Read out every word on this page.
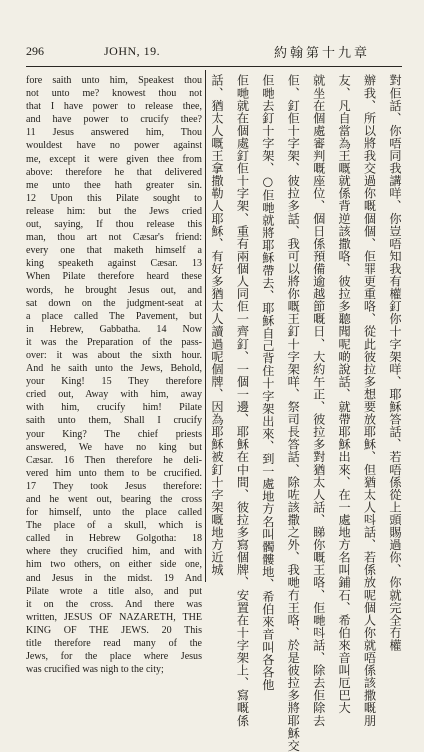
296	JOHN, 19.	約翰第十九章

fore saith unto him, Speakest thou

not unto me? knowest thou not

that I have power to release thee,

and have power to crucify thee?

11 Jesus answered him, Thou

wouldest have no power against

me, except it were given thee from

above: therefore he that delivered

me unto thee hath greater sin.

12 Upon this Pilate sought to

release him: but the Jews cried

out, saying, If thou release this

man, thou art not Cæsar's friend:

every one that maketh himself a

king speaketh against Cæsar. 13

When Pilate therefore heard these

words, he brought Jesus out, and

sat down on the judgment-seat at

a place called The Pavement, but

in Hebrew, Gabbatha. 14 Now

it was the Preparation of the pass-

over: it was about the sixth hour.

And he saith unto the Jews, Behold,

your King! 15 They therefore

cried out, Away with him, away

with him, crucify him! Pilate

saith unto them, Shall I crucify

your King? The chief priests

answered, We have no king but

Cæsar. 16 Then therefore he deli-

vered him unto them to be crucified.

17 They took Jesus therefore:

and he went out, bearing the cross

for himself, unto the place called

The place of a skull, which is

called in Hebrew Golgotha: 18

where they crucified him, and with

him two others, on either side one,

and Jesus in the midst. 19 And

Pilate wrote a title also, and put

it on the cross. And there was

written, JESUS OF NAZARETH, THE

KING OF THE JEWS. 20 This

title therefore read many of the

Jews, for the place where Jesus

was crucified was nigh to the city;

對佢話、你唔同我講咩、你豈唔知我有權釘你十字架咩、耶穌答話、若唔係從上頭賜過你、你就完全冇權
辦我、所以將我交過你嘅個個、佢罪更重咯、從此彼拉多想要放耶穌、但猶太人呌話、若係放呢個人你就唔係該撒嘅朋
友、凡自當為王嘅就係背逆該撒咯、彼拉多聽聞呢啲說話、就帶耶穌出來、在一處地方名叫鋪石、希伯來音叫厄巴大
就坐在個處審判嘅座位、個日係預備逾越節嘅日、大約午正、彼拉多對猶太人話、睇你嘅王咯、佢哋呌話、除去佢除去
佢、釘佢十字架、彼拉多話、我可以將你嘅王釘十字架咩、祭司長答話、除咗該撒之外、我哋冇王咯、於是彼拉多將耶穌交
佢哋去釘十字架、○佢哋就將耶穌帶去、耶穌自己背住十字架出來、到一處地方名叫髑髏地、希伯來音叫各各他
佢哋就在個處釘佢十字架、重有兩個人同佢一齊釘、一個一邊、耶穌在中間、彼拉多寫個牌、安置在十字架上、寫嘅係
話、猶太人嘅王拿撒勒人耶穌、有好多猶太人讀過呢個牌、因為耶穌被釘十字架嘅地方近城
